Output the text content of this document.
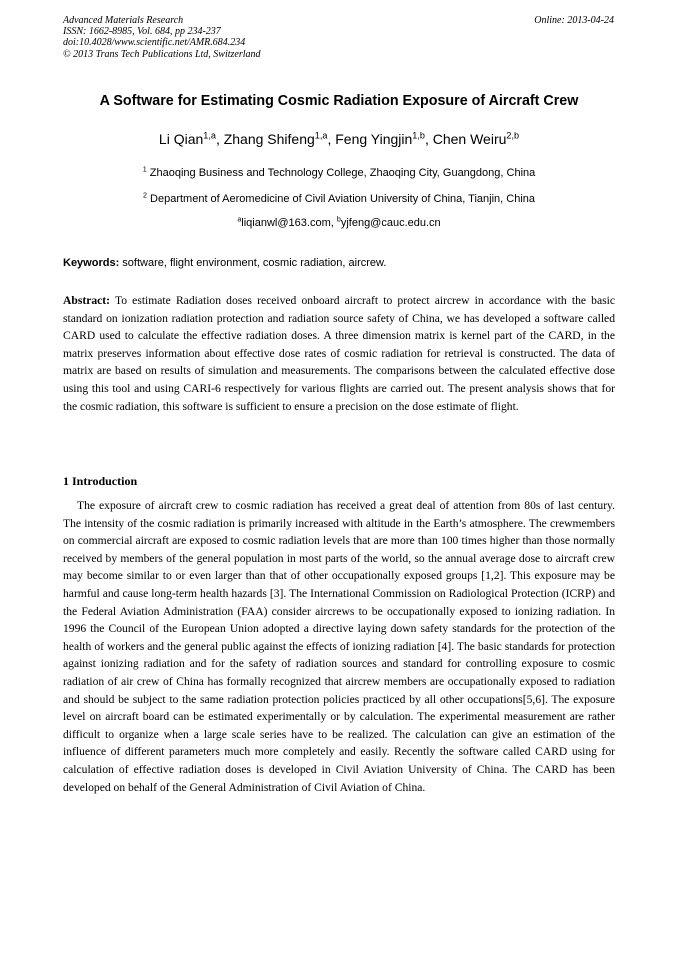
Advanced Materials Research
ISSN: 1662-8985, Vol. 684, pp 234-237
doi:10.4028/www.scientific.net/AMR.684.234
© 2013 Trans Tech Publications Ltd, Switzerland
Online: 2013-04-24
A Software for Estimating Cosmic Radiation Exposure of Aircraft Crew
Li Qian$^{1,a}$, Zhang Shifeng$^{1,a}$, Feng Yingjin$^{1,b}$, Chen Weiru$^{2,b}$
$^1$ Zhaoqing Business and Technology College, Zhaoqing City, Guangdong, China
$^2$ Department of Aeromedicine of Civil Aviation University of China, Tianjin, China
$^a$liqianwl@163.com, $^b$yjfeng@cauc.edu.cn
Keywords: software, flight environment, cosmic radiation, aircrew.

Abstract: To estimate Radiation doses received onboard aircraft to protect aircrew in accordance with the basic standard on ionization radiation protection and radiation source safety of China, we has developed a software called CARD used to calculate the effective radiation doses. A three dimension matrix is kernel part of the CARD, in the matrix preserves information about effective dose rates of cosmic radiation for retrieval is constructed. The data of matrix are based on results of simulation and measurements. The comparisons between the calculated effective dose using this tool and using CARI-6 respectively for various flights are carried out. The present analysis shows that for the cosmic radiation, this software is sufficient to ensure a precision on the dose estimate of flight.

1 Introduction

The exposure of aircraft crew to cosmic radiation has received a great deal of attention from 80s of last century. The intensity of the cosmic radiation is primarily increased with altitude in the Earth’s atmosphere. The crewmembers on commercial aircraft are exposed to cosmic radiation levels that are more than 100 times higher than those normally received by members of the general population in most parts of the world, so the annual average dose to aircraft crew may become similar to or even larger than that of other occupationally exposed groups [1,2]. This exposure may be harmful and cause long-term health hazards [3]. The International Commission on Radiological Protection (ICRP) and the Federal Aviation Administration (FAA) consider aircrews to be occupationally exposed to ionizing radiation. In 1996 the Council of the European Union adopted a directive laying down safety standards for the protection of the health of workers and the general public against the effects of ionizing radiation [4]. The basic standards for protection against ionizing radiation and for the safety of radiation sources and standard for controlling exposure to cosmic radiation of air crew of China has formally recognized that aircrew members are occupationally exposed to radiation and should be subject to the same radiation protection policies practiced by all other occupations[5,6]. The exposure level on aircraft board can be estimated experimentally or by calculation. The experimental measurement are rather difficult to organize when a large scale series have to be realized. The calculation can give an estimation of the influence of different parameters much more completely and easily. Recently the software called CARD using for calculation of effective radiation doses is developed in Civil Aviation University of China. The CARD has been developed on behalf of the General Administration of Civil Aviation of China.
